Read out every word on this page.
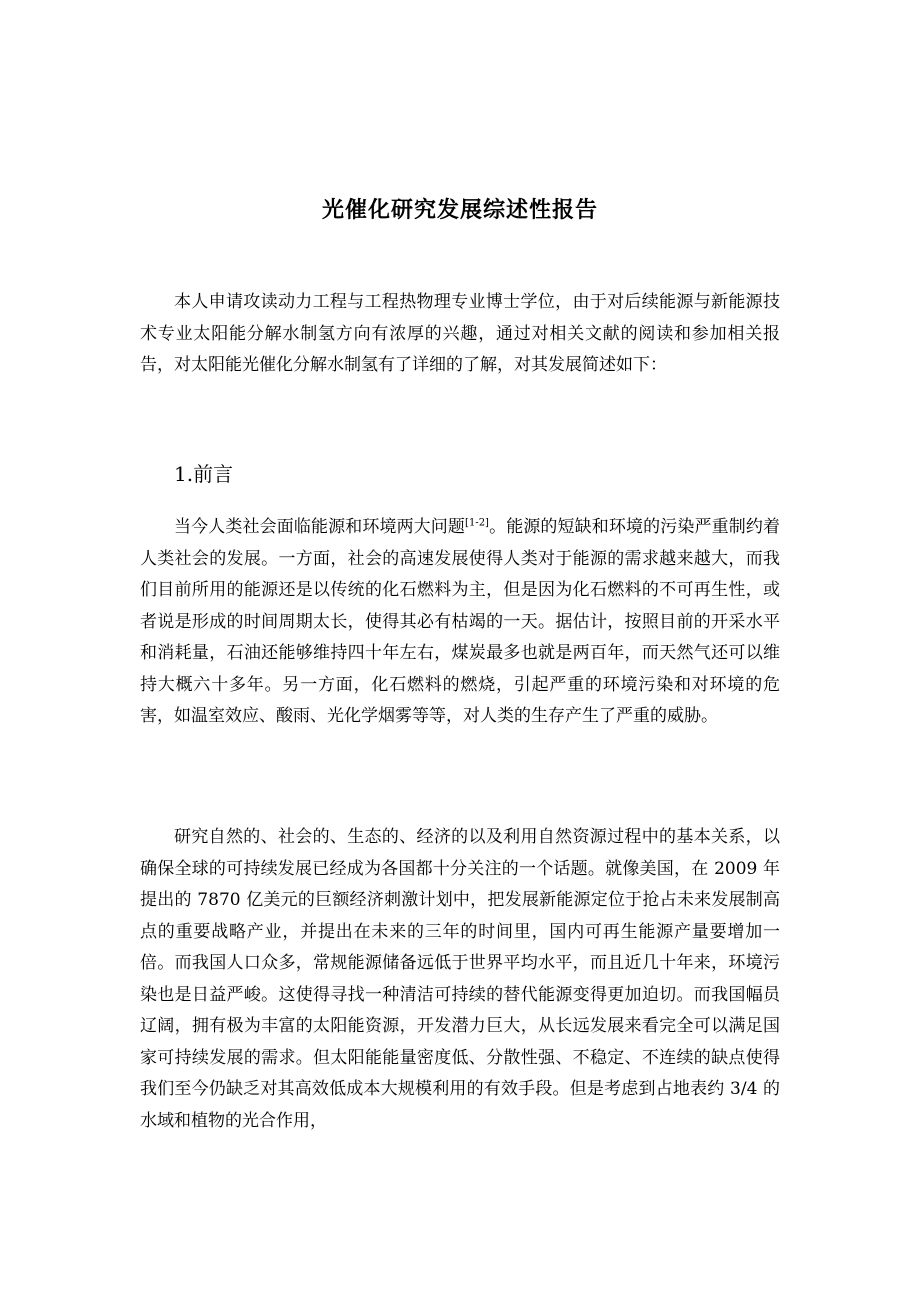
光催化研究发展综述性报告

本人申请攻读动力工程与工程热物理专业博士学位，由于对后续能源与新能源技术专业太阳能分解水制氢方向有浓厚的兴趣，通过对相关文献的阅读和参加相关报告，对太阳能光催化分解水制氢有了详细的了解，对其发展简述如下：

1.前言

当今人类社会面临能源和环境两大问题[1-2]。能源的短缺和环境的污染严重制约着人类社会的发展。一方面，社会的高速发展使得人类对于能源的需求越来越大，而我们目前所用的能源还是以传统的化石燃料为主，但是因为化石燃料的不可再生性，或者说是形成的时间周期太长，使得其必有枯竭的一天。据估计，按照目前的开采水平和消耗量，石油还能够维持四十年左右，煤炭最多也就是两百年，而天然气还可以维持大概六十多年。另一方面，化石燃料的燃烧，引起严重的环境污染和对环境的危害，如温室效应、酸雨、光化学烟雾等等，对人类的生存产生了严重的威胁。

研究自然的、社会的、生态的、经济的以及利用自然资源过程中的基本关系，以确保全球的可持续发展已经成为各国都十分关注的一个话题。就像美国，在 2009 年提出的 7870 亿美元的巨额经济刺激计划中，把发展新能源定位于抢占未来发展制高点的重要战略产业，并提出在未来的三年的时间里，国内可再生能源产量要增加一倍。而我国人口众多，常规能源储备远低于世界平均水平，而且近几十年来，环境污染也是日益严峻。这使得寻找一种清洁可持续的替代能源变得更加迫切。而我国幅员辽阔，拥有极为丰富的太阳能资源，开发潜力巨大，从长远发展来看完全可以满足国家可持续发展的需求。但太阳能能量密度低、分散性强、不稳定、不连续的缺点使得我们至今仍缺乏对其高效低成本大规模利用的有效手段。但是考虑到占地表约 3/4 的水域和植物的光合作用，
